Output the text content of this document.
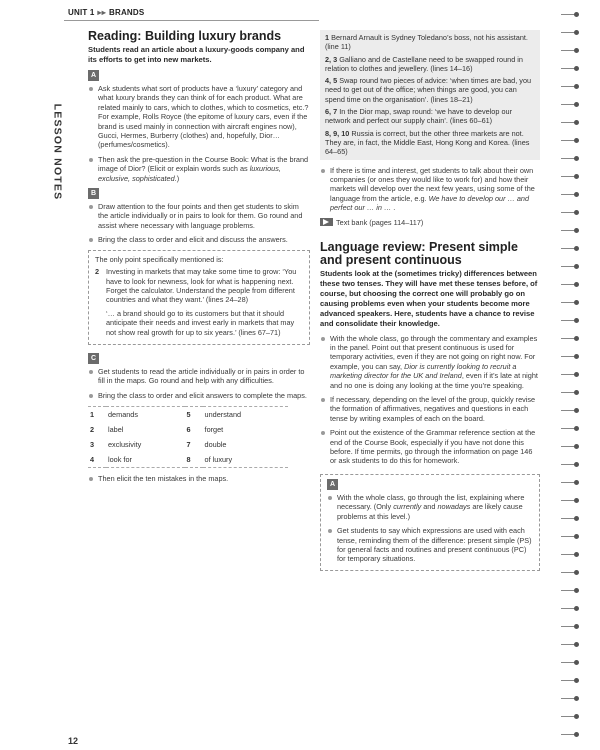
UNIT 1 ▸▸ BRANDS
LESSON NOTES
Reading: Building luxury brands
Students read an article about a luxury-goods company and its efforts to get into new markets.
A
Ask students what sort of products have a ‘luxury’ category and what luxury brands they can think of for each product. What are related mainly to cars, which to clothes, which to cosmetics, etc.? For example, Rolls Royce (the epitome of luxury cars, even if the brand is used mainly in connection with aircraft engines now), Gucci, Hermes, Burberry (clothes) and, hopefully, Dior… (perfumes/cosmetics).
Then ask the pre-question in the Course Book: What is the brand image of Dior? (Elicit or explain words such as luxurious, exclusive, sophisticated.)
B
Draw attention to the four points and then get students to skim the article individually or in pairs to look for them. Go round and assist where necessary with language problems.
Bring the class to order and elicit and discuss the answers.
The only point specifically mentioned is:
2 Investing in markets that may take some time to grow: ‘You have to look for newness, look for what is happening next. Forget the calculator. Understand the people from different countries and what they want.’ (lines 24–28)
‘… a brand should go to its customers but that it should anticipate their needs and invest early in markets that may not show real growth for up to six years.’ (lines 67–71)
C
Get students to read the article individually or in pairs in order to fill in the maps. Go round and help with any difficulties.
Bring the class to order and elicit answers to complete the maps.
1	demands	5	understand
2	label	6	forget
3	exclusivity	7	double
4	look for	8	of luxury
Then elicit the ten mistakes in the maps.
1 Bernard Arnault is Sydney Toledano’s boss, not his assistant. (line 11)
2, 3 Galliano and de Castellane need to be swapped round in relation to clothes and jewellery. (lines 14–16)
4, 5 Swap round two pieces of advice: ‘when times are bad, you need to get out of the office; when things are good, you can spend time on the organisation’. (lines 18–21)
6, 7 In the Dior map, swap round: ‘we have to develop our network and perfect our supply chain’. (lines 60–61)
8, 9, 10 Russia is correct, but the other three markets are not. They are, in fact, the Middle East, Hong Kong and Korea. (lines 64–65)
If there is time and interest, get students to talk about their own companies (or ones they would like to work for) and how their markets will develop over the next few years, using some of the language from the article, e.g. We have to develop our … and perfect our … in … .
Text bank (pages 114–117)
Language review: Present simple and present continuous
Students look at the (sometimes tricky) differences between these two tenses. They will have met these tenses before, of course, but choosing the correct one will probably go on causing problems even when your students become more advanced speakers. Here, students have a chance to revise and consolidate their knowledge.
With the whole class, go through the commentary and examples in the panel. Point out that present continuous is used for temporary activities, even if they are not going on right now. For example, you can say, Dior is currently looking to recruit a marketing director for the UK and Ireland, even if it’s late at night and no one is doing any looking at the time you’re speaking.
If necessary, depending on the level of the group, quickly revise the formation of affirmatives, negatives and questions in each tense by writing examples of each on the board.
Point out the existence of the Grammar reference section at the end of the Course Book, especially if you have not done this before. If time permits, go through the information on page 146 or ask students to do this for homework.
A
With the whole class, go through the list, explaining where necessary. (Only currently and nowadays are likely cause problems at this level.)
Get students to say which expressions are used with each tense, reminding them of the difference: present simple (PS) for general facts and routines and present continuous (PC) for temporary situations.
12
